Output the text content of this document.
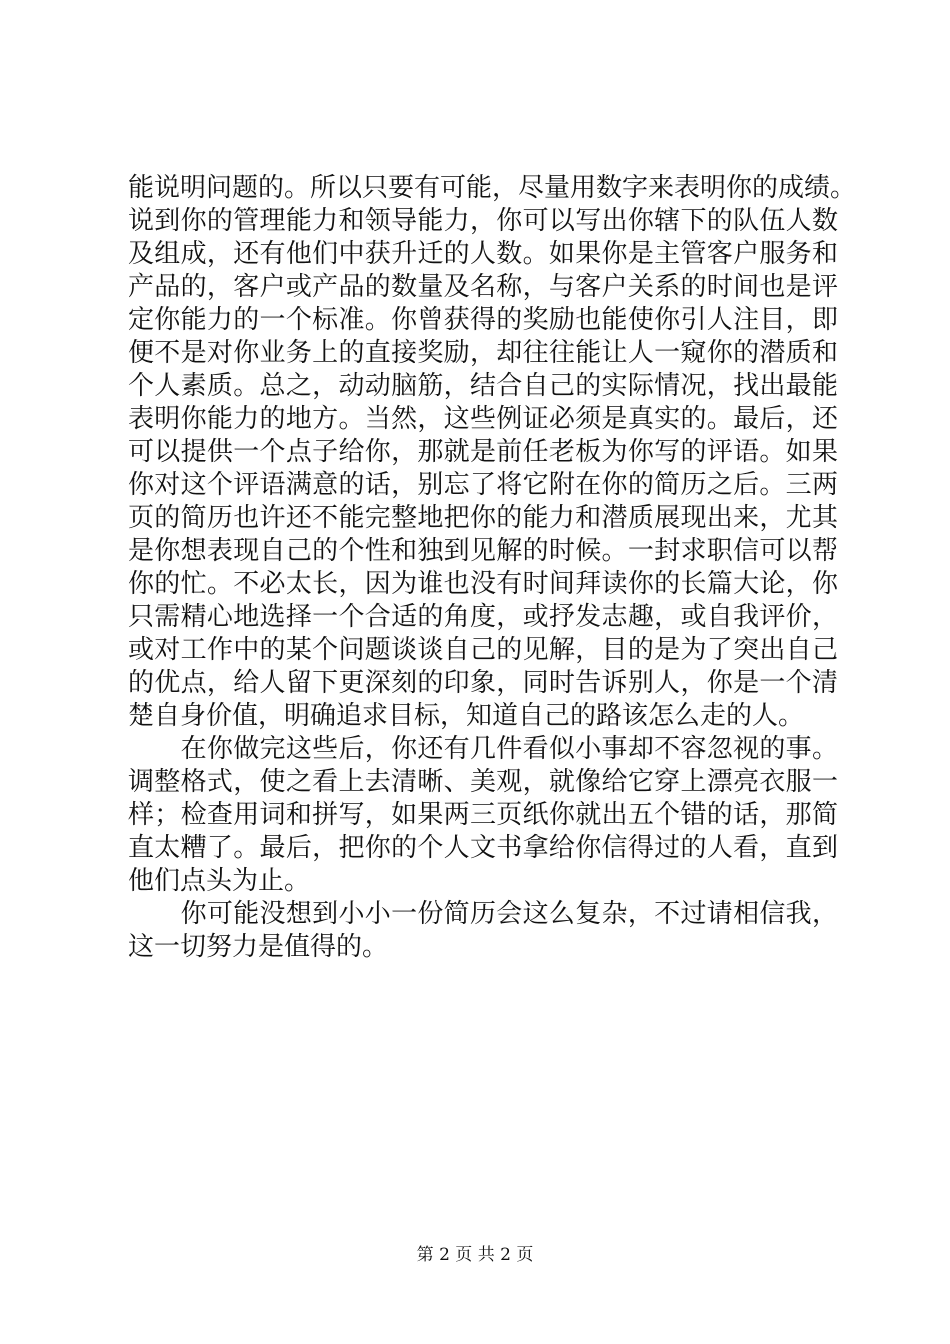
能说明问题的。所以只要有可能，尽量用数字来表明你的成绩。
说到你的管理能力和领导能力，你可以写出你辖下的队伍人数
及组成，还有他们中获升迁的人数。如果你是主管客户服务和
产品的，客户或产品的数量及名称，与客户关系的时间也是评
定你能力的一个标准。你曾获得的奖励也能使你引人注目，即
便不是对你业务上的直接奖励，却往往能让人一窥你的潜质和
个人素质。总之，动动脑筋，结合自己的实际情况，找出最能
表明你能力的地方。当然，这些例证必须是真实的。最后，还
可以提供一个点子给你，那就是前任老板为你写的评语。如果
你对这个评语满意的话，别忘了将它附在你的简历之后。三两
页的简历也许还不能完整地把你的能力和潜质展现出来，尤其
是你想表现自己的个性和独到见解的时候。一封求职信可以帮
你的忙。不必太长，因为谁也没有时间拜读你的长篇大论，你
只需精心地选择一个合适的角度，或抒发志趣，或自我评价，
或对工作中的某个问题谈谈自己的见解，目的是为了突出自己
的优点，给人留下更深刻的印象，同时告诉别人，你是一个清
楚自身价值，明确追求目标，知道自己的路该怎么走的人。
　　在你做完这些后，你还有几件看似小事却不容忽视的事。
调整格式，使之看上去清晰、美观，就像给它穿上漂亮衣服一
样；检查用词和拼写，如果两三页纸你就出五个错的话，那简
直太糟了。最后，把你的个人文书拿给你信得过的人看，直到
他们点头为止。
　　你可能没想到小小一份简历会这么复杂，不过请相信我，
这一切努力是值得的。
第 2 页 共 2 页
